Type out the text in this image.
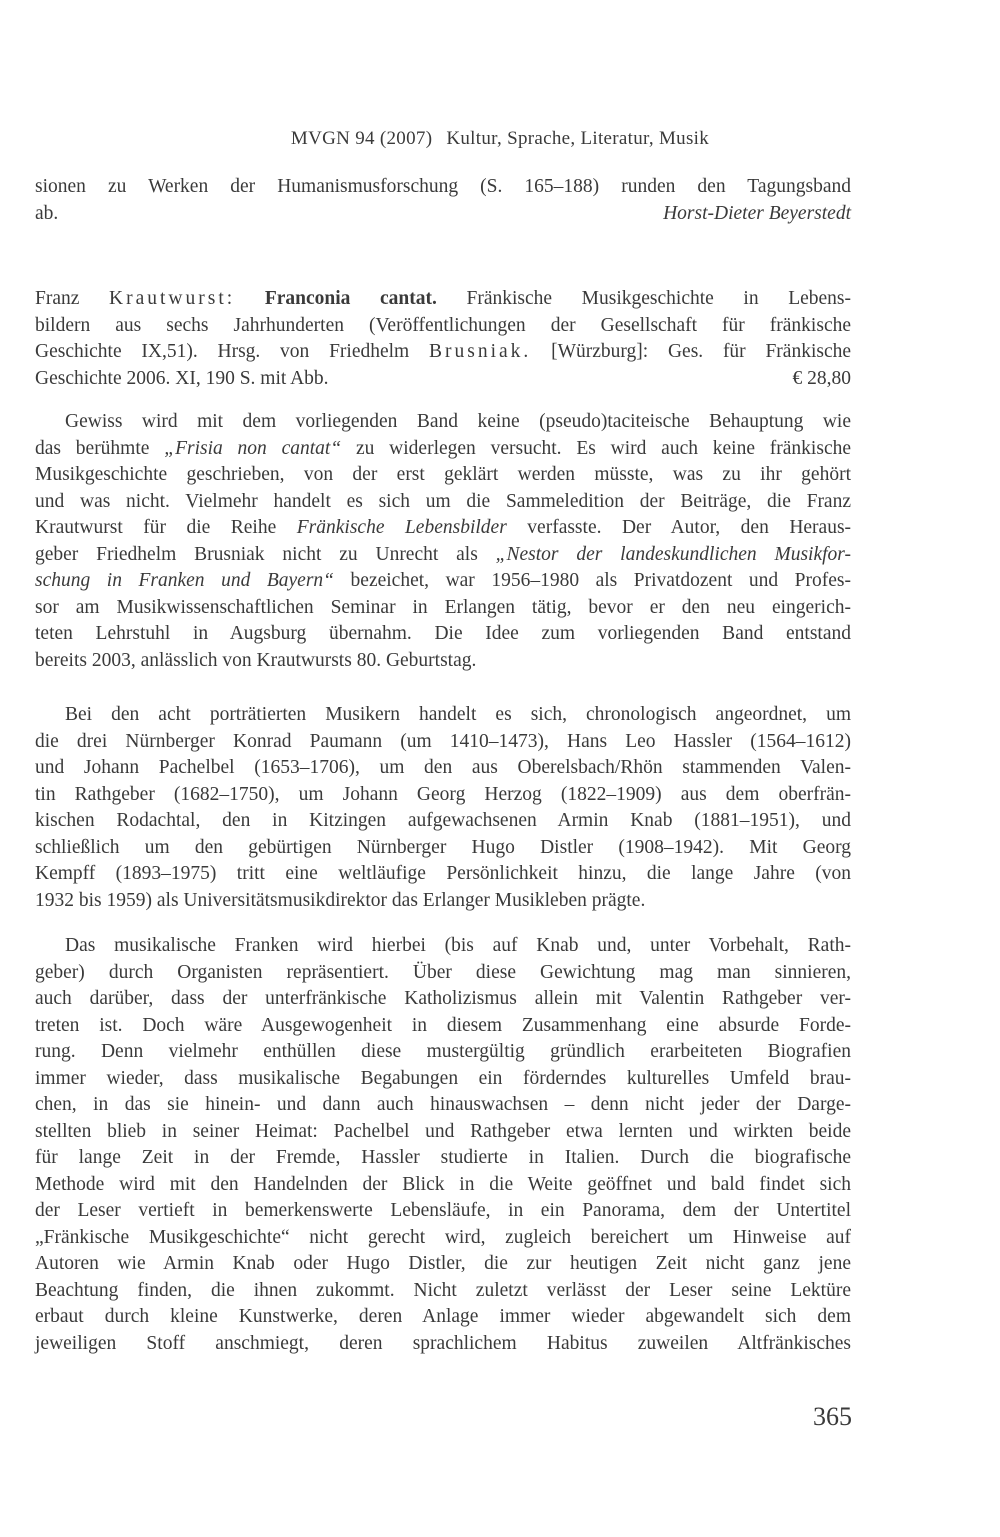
MVGN 94 (2007) Kultur, Sprache, Literatur, Musik
sionen zu Werken der Humanismusforschung (S. 165–188) runden den Tagungsband
ab.	Horst-Dieter Beyerstedt
Franz Krautwurst: Franconia cantat. Fränkische Musikgeschichte in Lebens-
bildern aus sechs Jahrhunderten (Veröffentlichungen der Gesellschaft für fränkische
Geschichte IX,51). Hrsg. von Friedhelm Brusniak. [Würzburg]: Ges. für Fränkische
Geschichte 2006. XI, 190 S. mit Abb.	€ 28,80
Gewiss wird mit dem vorliegenden Band keine (pseudo)taciteische Behauptung wie
das berühmte „Frisia non cantat“ zu widerlegen versucht. Es wird auch keine fränkische
Musikgeschichte geschrieben, von der erst geklärt werden müsste, was zu ihr gehört
und was nicht. Vielmehr handelt es sich um die Sammeledition der Beiträge, die Franz
Krautwurst für die Reihe Fränkische Lebensbilder verfasste. Der Autor, den Heraus-
geber Friedhelm Brusniak nicht zu Unrecht als „Nestor der landeskundlichen Musikfor-
schung in Franken und Bayern“ bezeichet, war 1956–1980 als Privatdozent und Profes-
sor am Musikwissenschaftlichen Seminar in Erlangen tätig, bevor er den neu eingerich-
teten Lehrstuhl in Augsburg übernahm. Die Idee zum vorliegenden Band entstand
bereits 2003, anlässlich von Krautwursts 80. Geburtstag.
Bei den acht porträtierten Musikern handelt es sich, chronologisch angeordnet, um
die drei Nürnberger Konrad Paumann (um 1410–1473), Hans Leo Hassler (1564–1612)
und Johann Pachelbel (1653–1706), um den aus Oberelsbach/Rhön stammenden Valen-
tin Rathgeber (1682–1750), um Johann Georg Herzog (1822–1909) aus dem oberfrän-
kischen Rodachtal, den in Kitzingen aufgewachsenen Armin Knab (1881–1951), und
schließlich um den gebürtigen Nürnberger Hugo Distler (1908–1942). Mit Georg
Kempff (1893–1975) tritt eine weltläufige Persönlichkeit hinzu, die lange Jahre (von
1932 bis 1959) als Universitätsmusikdirektor das Erlanger Musikleben prägte.
Das musikalische Franken wird hierbei (bis auf Knab und, unter Vorbehalt, Rath-
geber) durch Organisten repräsentiert. Über diese Gewichtung mag man sinnieren,
auch darüber, dass der unterfränkische Katholizismus allein mit Valentin Rathgeber ver-
treten ist. Doch wäre Ausgewogenheit in diesem Zusammenhang eine absurde Forde-
rung. Denn vielmehr enthüllen diese mustergültig gründlich erarbeiteten Biografien
immer wieder, dass musikalische Begabungen ein förderndes kulturelles Umfeld brau-
chen, in das sie hinein- und dann auch hinauswachsen – denn nicht jeder der Darge-
stellten blieb in seiner Heimat: Pachelbel und Rathgeber etwa lernten und wirkten beide
für lange Zeit in der Fremde, Hassler studierte in Italien. Durch die biografische
Methode wird mit den Handelnden der Blick in die Weite geöffnet und bald findet sich
der Leser vertieft in bemerkenswerte Lebensläufe, in ein Panorama, dem der Untertitel
„Fränkische Musikgeschichte“ nicht gerecht wird, zugleich bereichert um Hinweise auf
Autoren wie Armin Knab oder Hugo Distler, die zur heutigen Zeit nicht ganz jene
Beachtung finden, die ihnen zukommt. Nicht zuletzt verlässt der Leser seine Lektüre
erbaut durch kleine Kunstwerke, deren Anlage immer wieder abgewandelt sich dem
jeweiligen Stoff anschmiegt, deren sprachlichem Habitus zuweilen Altfränkisches
365
